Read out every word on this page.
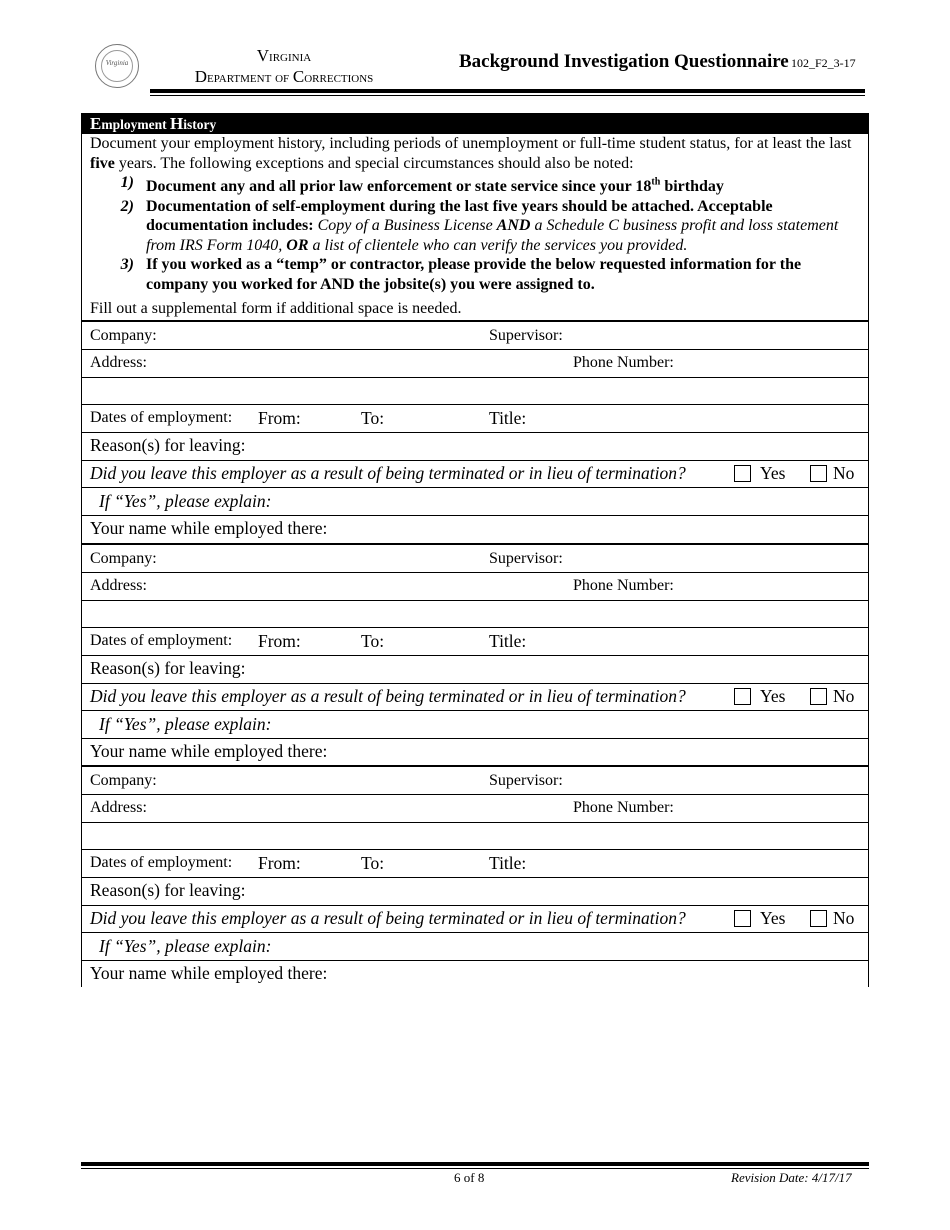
Virginia	Virginia
Department of Corrections
Background Investigation Questionnaire 102_F2_3-17
Employment History
Document your employment history, including periods of unemployment or full-time student status, for at least the last five years. The following exceptions and special circumstances should also be noted:
1) Document any and all prior law enforcement or state service since your 18th birthday
2) Documentation of self-employment during the last five years should be attached. Acceptable documentation includes: Copy of a Business License AND a Schedule C business profit and loss statement from IRS Form 1040, OR a list of clientele who can verify the services you provided.
3) If you worked as a “temp” or contractor, please provide the below requested information for the company you worked for AND the jobsite(s) you were assigned to.
Fill out a supplemental form if additional space is needed.
Company:	Supervisor:
Address:	Phone Number:
Dates of employment: From:	To:	Title:
Reason(s) for leaving:
Did you leave this employer as a result of being terminated or in lieu of termination?	Yes	No
If “Yes”, please explain:
Your name while employed there:
Company:	Supervisor:
Address:	Phone Number:
Dates of employment: From:	To:	Title:
Reason(s) for leaving:
Did you leave this employer as a result of being terminated or in lieu of termination?	Yes	No
If “Yes”, please explain:
Your name while employed there:
Company:	Supervisor:
Address:	Phone Number:
Dates of employment: From:	To:	Title:
Reason(s) for leaving:
Did you leave this employer as a result of being terminated or in lieu of termination?	Yes	No
If “Yes”, please explain:
Your name while employed there:
6 of 8	Revision Date: 4/17/17
